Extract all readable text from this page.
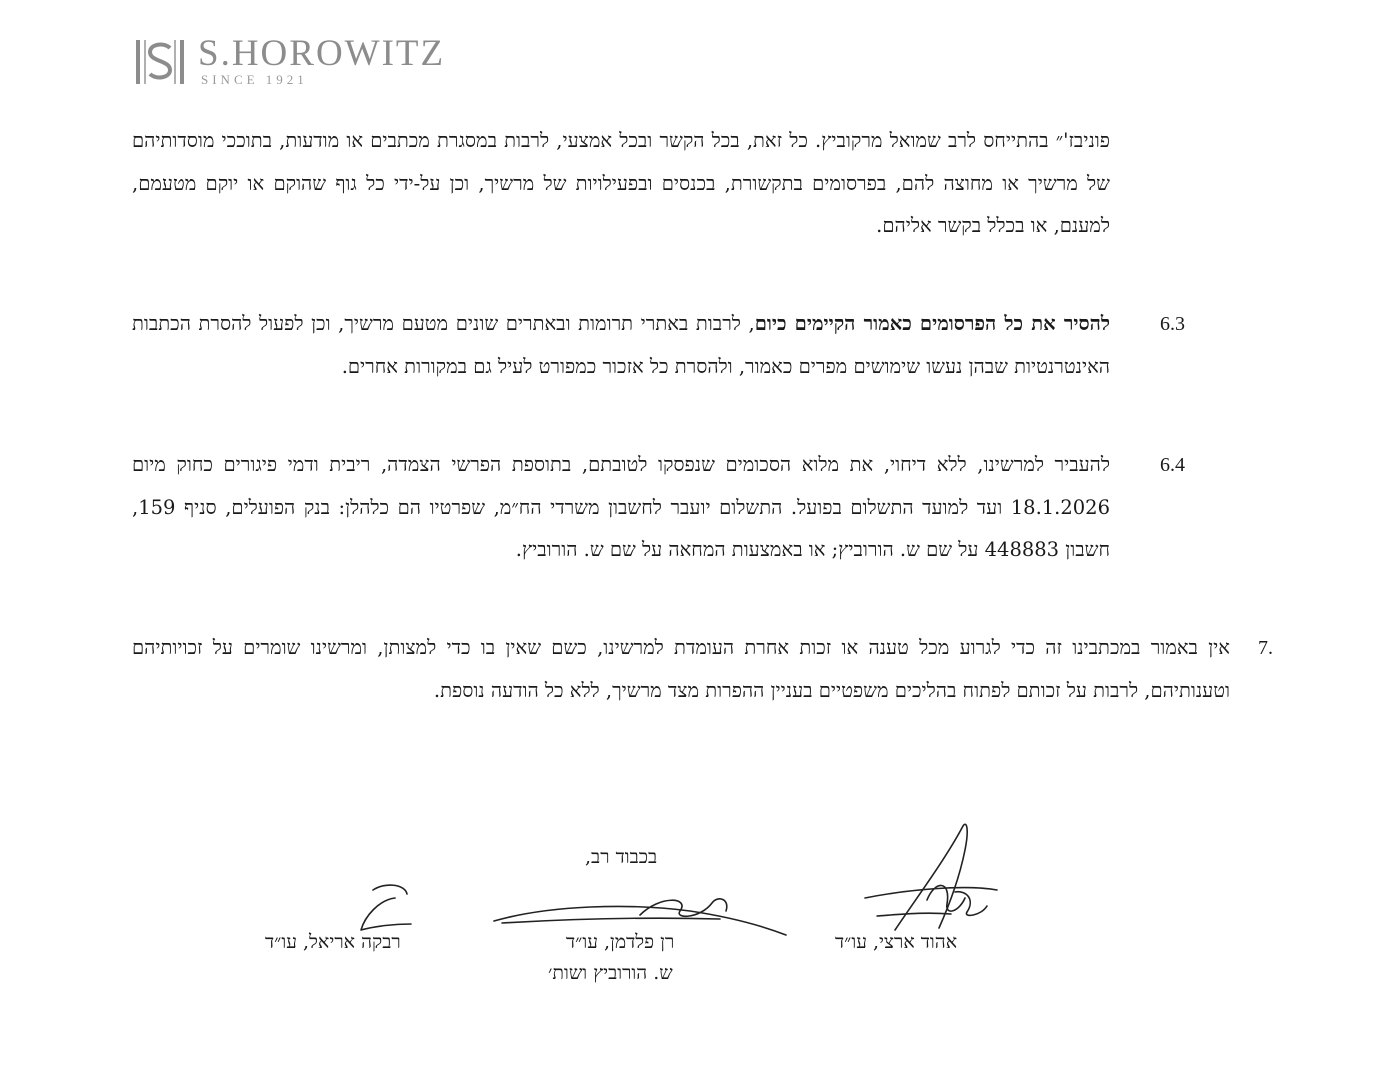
S.HOROWITZ
SINCE 1921
פוניבז'״ בהתייחס לרב שמואל מרקוביץ. כל זאת, בכל הקשר ובכל אמצעי, לרבות במסגרת מכתבים או מודעות, בתוככי מוסדותיהם של מרשיך או מחוצה להם, בפרסומים בתקשורת, בכנסים ובפעילויות של מרשיך, וכן על-ידי כל גוף שהוקם או יוקם מטעמם, למענם, או בכלל בקשר אליהם.
6.3
להסיר את כל הפרסומים כאמור הקיימים כיום, לרבות באתרי תרומות ובאתרים שונים מטעם מרשיך, וכן לפעול להסרת הכתבות האינטרנטיות שבהן נעשו שימושים מפרים כאמור, ולהסרת כל אזכור כמפורט לעיל גם במקורות אחרים.
6.4
להעביר למרשינו, ללא דיחוי, את מלוא הסכומים שנפסקו לטובתם, בתוספת הפרשי הצמדה, ריבית ודמי פיגורים כחוק מיום 18.1.2026 ועד למועד התשלום בפועל. התשלום יועבר לחשבון משרדי הח״מ, שפרטיו הם כלהלן: בנק הפועלים, סניף 159, חשבון 448883 על שם ש. הורוביץ; או באמצעות המחאה על שם ש. הורוביץ.
7.
אין באמור במכתבינו זה כדי לגרוע מכל טענה או זכות אחרת העומדת למרשינו, כשם שאין בו כדי למצותן, ומרשינו שומרים על זכויותיהם וטענותיהם, לרבות על זכותם לפתוח בהליכים משפטיים בעניין ההפרות מצד מרשיך, ללא כל הודעה נוספת.
בכבוד רב,
אהוד ארצי, עו״ד
רן פלדמן, עו״ד
רבקה אריאל, עו״ד
ש. הורוביץ ושות׳
